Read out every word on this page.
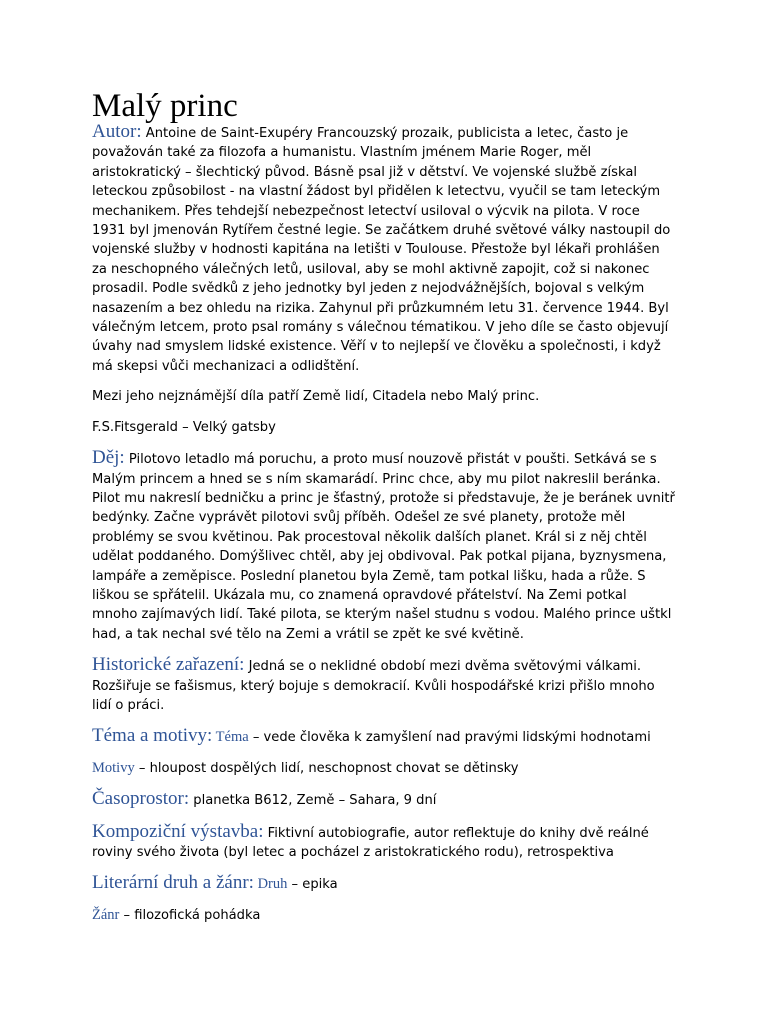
Malý princ

Autor: Antoine de Saint-Exupéry Francouzský prozaik, publicista a letec, často je považován také za filozofa a humanistu. Vlastním jménem Marie Roger, měl aristokratický – šlechtický původ. Básně psal již v dětství. Ve vojenské službě získal leteckou způsobilost - na vlastní žádost byl přidělen k letectvu, vyučil se tam leteckým mechanikem. Přes tehdejší nebezpečnost letectví usiloval o výcvik na pilota. V roce 1931 byl jmenován Rytířem čestné legie. Se začátkem druhé světové války nastoupil do vojenské služby v hodnosti kapitána na letišti v Toulouse. Přestože byl lékaři prohlášen za neschopného válečných letů, usiloval, aby se mohl aktivně zapojit, což si nakonec prosadil. Podle svědků z jeho jednotky byl jeden z nejodvážnějších, bojoval s velkým nasazením a bez ohledu na rizika. Zahynul při průzkumném letu 31. července 1944. Byl válečným letcem, proto psal romány s válečnou tématikou. V jeho díle se často objevují úvahy nad smyslem lidské existence. Věří v to nejlepší ve člověku a společnosti, i když má skepsi vůči mechanizaci a odlidštění.

Mezi jeho nejznámější díla patří Země lidí, Citadela nebo Malý princ.

F.S.Fitsgerald – Velký gatsby

Děj: Pilotovo letadlo má poruchu, a proto musí nouzově přistát v poušti. Setkává se s Malým princem a hned se s ním skamarádí. Princ chce, aby mu pilot nakreslil beránka. Pilot mu nakreslí bedničku a princ je šťastný, protože si představuje, že je beránek uvnitř bedýnky. Začne vyprávět pilotovi svůj příběh. Odešel ze své planety, protože měl problémy se svou květinou. Pak procestoval několik dalších planet. Král si z něj chtěl udělat poddaného. Domýšlivec chtěl, aby jej obdivoval. Pak potkal pijana, byznysmena, lampáře a zeměpisce. Poslední planetou byla Země, tam potkal lišku, hada a růže. S liškou se spřátelil. Ukázala mu, co znamená opravdové přátelství. Na Zemi potkal mnoho zajímavých lidí. Také pilota, se kterým našel studnu s vodou. Malého prince uštkl had, a tak nechal své tělo na Zemi a vrátil se zpět ke své květině.

Historické zařazení: Jedná se o neklidné období mezi dvěma světovými válkami. Rozšiřuje se fašismus, který bojuje s demokracií. Kvůli hospodářské krizi přišlo mnoho lidí o práci.

Téma a motivy: Téma – vede člověka k zamyšlení nad pravými lidskými hodnotami

Motivy – hloupost dospělých lidí, neschopnost chovat se dětinsky

Časoprostor: planetka B612, Země – Sahara, 9 dní

Kompoziční výstavba: Fiktivní autobiografie, autor reflektuje do knihy dvě reálné roviny svého života (byl letec a pocházel z aristokratického rodu), retrospektiva

Literární druh a žánr: Druh – epika

Žánr – filozofická pohádka
